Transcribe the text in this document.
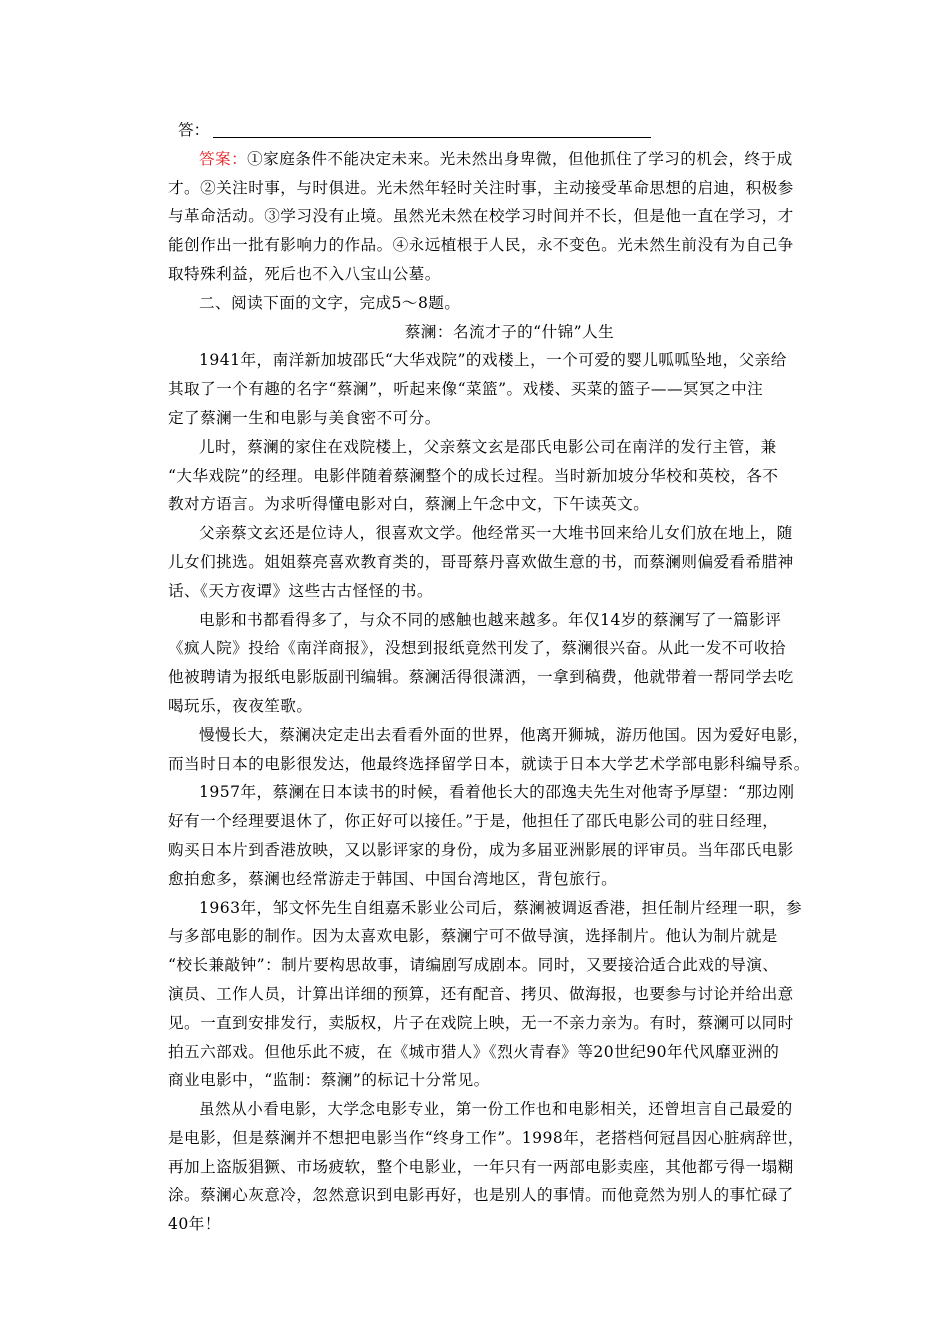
答：
答案：①家庭条件不能决定未来。光未然出身卑微，但他抓住了学习的机会，终于成
才。②关注时事，与时俱进。光未然年轻时关注时事，主动接受革命思想的启迪，积极参
与革命活动。③学习没有止境。虽然光未然在校学习时间并不长，但是他一直在学习，才
能创作出一批有影响力的作品。④永远植根于人民，永不变色。光未然生前没有为自己争
取特殊利益，死后也不入八宝山公墓。
二、阅读下面的文字，完成5～8题。
蔡澜：名流才子的“什锦”人生
1941年，南洋新加坡邵氏“大华戏院”的戏楼上，一个可爱的婴儿呱呱坠地，父亲给
其取了一个有趣的名字“蔡澜”，听起来像“菜篮”。戏楼、买菜的篮子——冥冥之中注
定了蔡澜一生和电影与美食密不可分。
儿时，蔡澜的家住在戏院楼上，父亲蔡文玄是邵氏电影公司在南洋的发行主管，兼
“大华戏院”的经理。电影伴随着蔡澜整个的成长过程。当时新加坡分华校和英校，各不
教对方语言。为求听得懂电影对白，蔡澜上午念中文，下午读英文。
父亲蔡文玄还是位诗人，很喜欢文学。他经常买一大堆书回来给儿女们放在地上，随
儿女们挑选。姐姐蔡亮喜欢教育类的，哥哥蔡丹喜欢做生意的书，而蔡澜则偏爱看希腊神
话、《天方夜谭》这些古古怪怪的书。
电影和书都看得多了，与众不同的感触也越来越多。年仅14岁的蔡澜写了一篇影评
《疯人院》投给《南洋商报》，没想到报纸竟然刊发了，蔡澜很兴奋。从此一发不可收拾
他被聘请为报纸电影版副刊编辑。蔡澜活得很潇洒，一拿到稿费，他就带着一帮同学去吃
喝玩乐，夜夜笙歌。
慢慢长大，蔡澜决定走出去看看外面的世界，他离开狮城，游历他国。因为爱好电影，
而当时日本的电影很发达，他最终选择留学日本，就读于日本大学艺术学部电影科编导系。
1957年，蔡澜在日本读书的时候，看着他长大的邵逸夫先生对他寄予厚望：“那边刚
好有一个经理要退休了，你正好可以接任。”于是，他担任了邵氏电影公司的驻日经理，
购买日本片到香港放映，又以影评家的身份，成为多届亚洲影展的评审员。当年邵氏电影
愈拍愈多，蔡澜也经常游走于韩国、中国台湾地区，背包旅行。
1963年，邹文怀先生自组嘉禾影业公司后，蔡澜被调返香港，担任制片经理一职，参
与多部电影的制作。因为太喜欢电影，蔡澜宁可不做导演，选择制片。他认为制片就是
“校长兼敲钟”：制片要构思故事，请编剧写成剧本。同时，又要接洽适合此戏的导演、
演员、工作人员，计算出详细的预算，还有配音、拷贝、做海报，也要参与讨论并给出意
见。一直到安排发行，卖版权，片子在戏院上映，无一不亲力亲为。有时，蔡澜可以同时
拍五六部戏。但他乐此不疲，在《城市猎人》《烈火青春》等20世纪90年代风靡亚洲的
商业电影中，“监制：蔡澜”的标记十分常见。
虽然从小看电影，大学念电影专业，第一份工作也和电影相关，还曾坦言自己最爱的
是电影，但是蔡澜并不想把电影当作“终身工作”。1998年，老搭档何冠昌因心脏病辞世，
再加上盗版猖獗、市场疲软，整个电影业，一年只有一两部电影卖座，其他都亏得一塌糊
涂。蔡澜心灰意冷，忽然意识到电影再好，也是别人的事情。而他竟然为别人的事忙碌了
40年！
